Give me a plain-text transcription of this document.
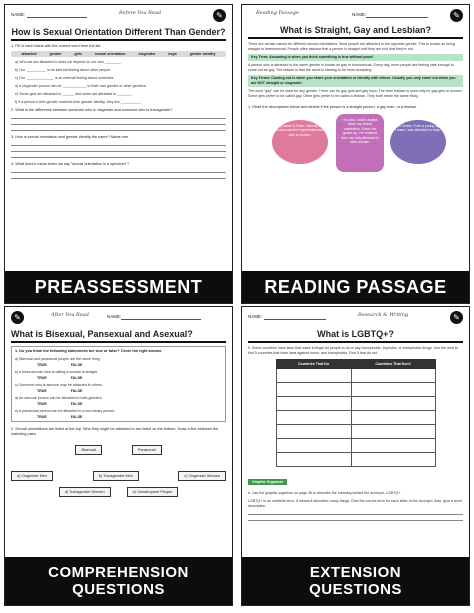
NAME:	Before You Read	✎
How is Sexual Orientation Different Than Gender?
1. Fill in each blank with the correct word from the list.
attracted	gender	girls	sexual orientation	cisgender	boys	gender identity
a) Who we are attracted to does not depend on our own ________.
b) Our __________ is an internal feeling about other people.
c) Our ______________ is an internal feeling about ourselves.
d) A cisgender person can be ____________ to their own gender or other genders.
e) Some girls are attracted to ______ and some are attracted to _______.
f) If a person's birth gender matches their gender identity, they are __________.
2. What is the difference between someone who is cisgender and someone who is transgender?
3. How is sexual orientation and gender identity the same? Name one.
4. What does it mean when we say "sexual orientation is a spectrum"?
PREASSESSMENT
Reading Passage	NAME:	✎
What is Straight, Gay and Lesbian?
There are certain names for different sexual orientations. Most people are attracted to the opposite gender. This is known as being straight or heterosexual. People often assume that a person is straight until they are told that they're not.
Key Term: Assuming is when you think something is true without proof.
A person who is attracted to the same gender is known as gay or homosexual. Every day, more people are feeling safe enough to come out as gay. The reason is that the world is starting to be more accepting.
Key Terms: Coming out is when you share your orientation or identity with others. Usually you only come out when you are NOT straight or cisgender.
The word "gay" can be used for any gender. There can be gay girls and gay boys. The term lesbian is used only for gay girls or women. Some girls prefer to be called gay. Other girls prefer to be called a lesbian. They both mean the same thing.
1. Read the descriptions below and decide if the person is a straight person, a gay man, or a lesbian.
My name is Peter. I identify as a man and find myself attracted only to women.
I'm Julia. I didn't always know my sexual orientation. Since I've grown up, I've realized that I am only attracted to other women.
I am Cedric. From a young age, I knew I was attracted to boys.
READING PASSAGE
✎	After You Read	NAME:
What is Bisexual, Pansexual and Asexual?
1. Do you think the following statements are true or false? Circle the right answer.
a) Bisexual and pansexual people are the same thing.
TRUE	FALSE
b) A bisexual man who is dating a woman is straight.
TRUE	FALSE
c) Someone who is asexual may be attracted to others.
TRUE	FALSE
d) An asexual person can be attracted to both genders.
TRUE	FALSE
e) A pansexual person can be attracted to a non-binary person.
TRUE	FALSE
2. Sexual orientations are listed at the top. Who they might be attracted to are listed on the bottom. Draw a line between the matching pairs.
Bisexual	Pansexual
a) Cisgender Men	b) Transgender Men	c) Cisgender Women
d) Transgender Women	e) Genderqueer People
COMPREHENSION
QUESTIONS
NAME:	Research & Writing	✎
What is LGBTQ+?
5. Some countries have laws that make it illegal for people to do or say homophobic, biphobic, or transphobic things. Use the web to find 5 countries that have laws against homo- and transphobia. Find 5 that do not.
Countries That Do	Countries That Don't

Graphic Organizer
6. Use the graphic organizer on page 36 to describe the meaning behind the acronym, LGBTQ+.
LGBTQ+ is an umbrella term. It means it describes many things. Give the correct term for each letter of the acronym. Also, give a short description.
EXTENSION
QUESTIONS
